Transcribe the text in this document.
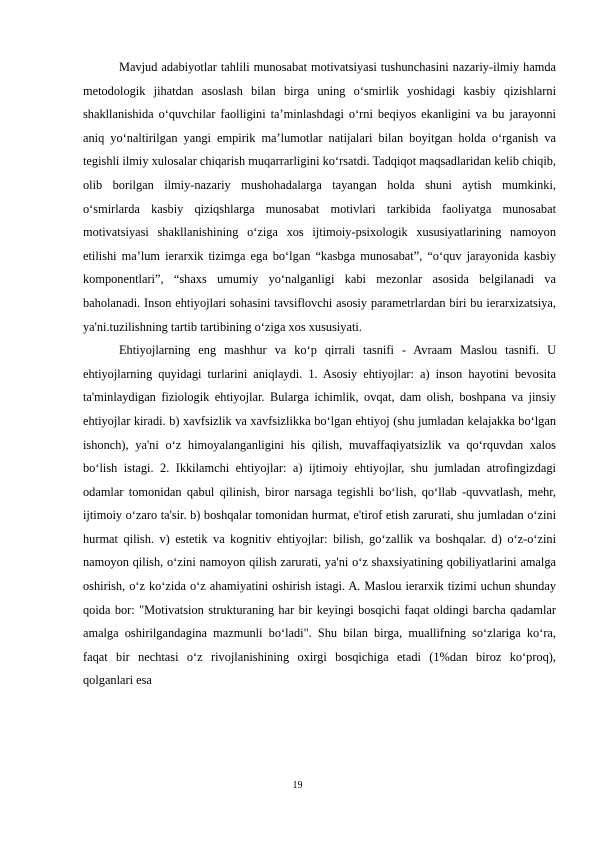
Mavjud adabiyotlar tahlili munosabat motivatsiyasi tushunchasini nazariy-ilmiy hamda metodologik jihatdan asoslash bilan birga uning o‘smirlik yoshidagi kasbiy qizishlarni shakllanishida o‘quvchilar faolligini ta’minlashdagi o‘rni beqiyos ekanligini va bu jarayonni aniq yo‘naltirilgan yangi empirik ma’lumotlar natijalari bilan boyitgan holda o‘rganish va tegishli ilmiy xulosalar chiqarish muqarrarligini ko‘rsatdi. Tadqiqot maqsadlaridan kelib chiqib, olib borilgan ilmiy-nazariy mushohadalarga tayangan holda shuni aytish mumkinki, o‘smirlarda kasbiy qiziqshlarga munosabat motivlari tarkibida faoliyatga munosabat motivatsiyasi shakllanishining o‘ziga xos ijtimoiy-psixologik xususiyatlarining namoyon etilishi ma’lum ierarxik tizimga ega bo‘lgan “kasbga munosabat”, “o‘quv jarayonida kasbiy komponentlari”, “shaxs umumiy yo‘nalganligi kabi mezonlar asosida belgilanadi va baholanadi. Inson ehtiyojlari sohasini tavsiflovchi asosiy parametrlardan biri bu ierarxizatsiya, ya'ni.tuzilishning tartib tartibining o‘ziga xos xususiyati.

Ehtiyojlarning eng mashhur va ko‘p qirrali tasnifi - Avraam Maslou tasnifi. U ehtiyojlarning quyidagi turlarini aniqlaydi. 1. Asosiy ehtiyojlar: a) inson hayotini bevosita ta'minlaydigan fiziologik ehtiyojlar. Bularga ichimlik, ovqat, dam olish, boshpana va jinsiy ehtiyojlar kiradi. b) xavfsizlik va xavfsizlikka bo‘lgan ehtiyoj (shu jumladan kelajakka bo‘lgan ishonch), ya'ni o‘z himoyalanganligini his qilish, muvaffaqiyatsizlik va qo‘rquvdan xalos bo‘lish istagi. 2. Ikkilamchi ehtiyojlar: a) ijtimoiy ehtiyojlar, shu jumladan atrofingizdagi odamlar tomonidan qabul qilinish, biror narsaga tegishli bo‘lish, qo‘llab -quvvatlash, mehr, ijtimoiy o‘zaro ta'sir. b) boshqalar tomonidan hurmat, e'tirof etish zarurati, shu jumladan o‘zini hurmat qilish. v) estetik va kognitiv ehtiyojlar: bilish, go‘zallik va boshqalar. d) o‘z-o‘zini namoyon qilish, o‘zini namoyon qilish zarurati, ya'ni o‘z shaxsiyatining qobiliyatlarini amalga oshirish, o‘z ko‘zida o‘z ahamiyatini oshirish istagi. A. Maslou ierarxik tizimi uchun shunday qoida bor: "Motivatsion strukturaning har bir keyingi bosqichi faqat oldingi barcha qadamlar amalga oshirilgandagina mazmunli bo‘ladi". Shu bilan birga, muallifning so‘zlariga ko‘ra, faqat bir nechtasi o‘z rivojlanishining oxirgi bosqichiga etadi (1%dan biroz ko‘proq), qolganlari esa

19
